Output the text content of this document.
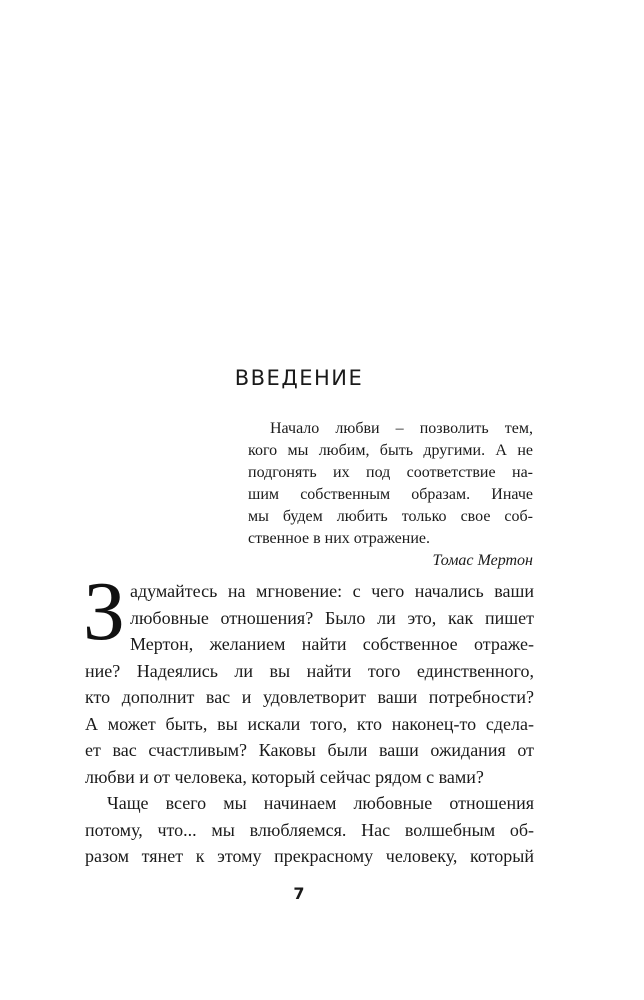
ВВЕДЕНИЕ
Начало любви – позволить тем,
кого мы любим, быть другими. А не
подгонять их под соответствие на-
шим собственным образам. Иначе
мы будем любить только свое соб-
ственное в них отражение.
Томас Мертон
З адумайтесь на мгновение: с чего начались ваши
любовные отношения? Было ли это, как пишет
Мертон, желанием найти собственное отраже-
ние? Надеялись ли вы найти того единственного,
кто дополнит вас и удовлетворит ваши потребности?
А может быть, вы искали того, кто наконец-то сдела-
ет вас счастливым? Каковы были ваши ожидания от
любви и от человека, который сейчас рядом с вами?
Чаще всего мы начинаем любовные отношения
потому, что... мы влюбляемся. Нас волшебным об-
разом тянет к этому прекрасному человеку, который
7
